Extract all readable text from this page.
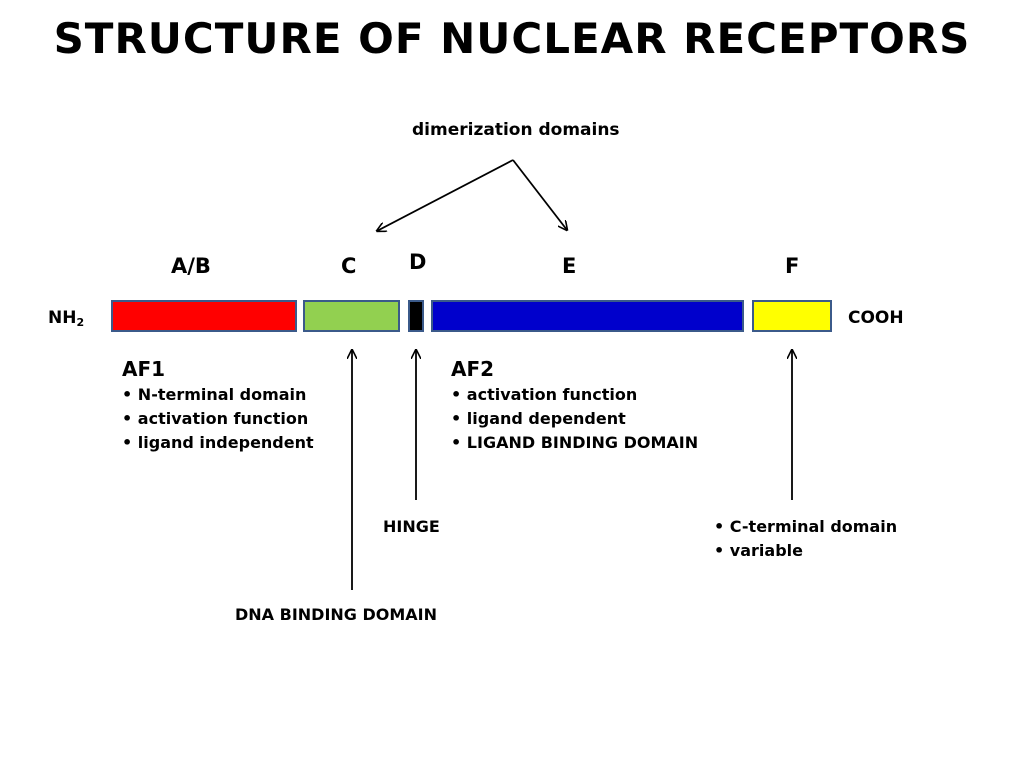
STRUCTURE OF NUCLEAR RECEPTORS
dimerization domains
A/B	C	D	E	F
$NH_2$	COOH
AF1
• N-terminal domain
• activation function
• ligand independent
AF2
• activation function
• ligand dependent
• LIGAND BINDING DOMAIN
HINGE
•	C-terminal domain
• variable
DNA BINDING DOMAIN
